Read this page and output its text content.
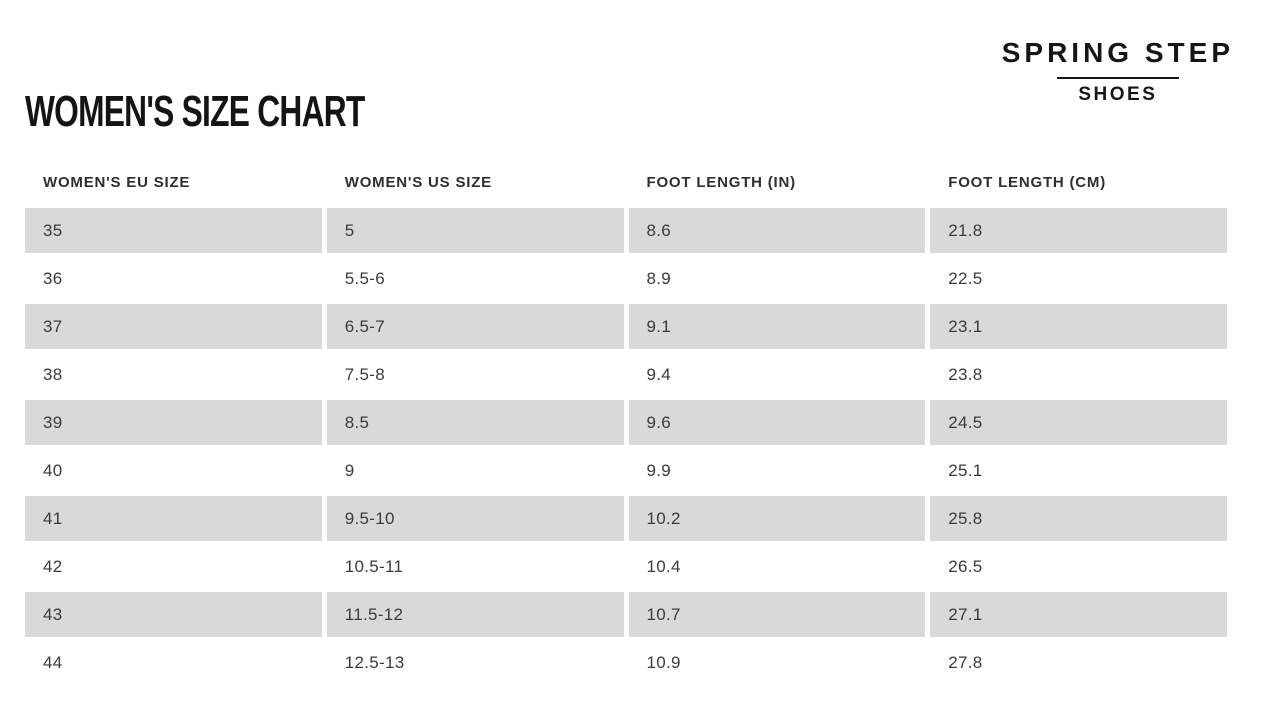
WOMEN'S SIZE CHART
SPRING STEP
SHOES
WOMEN'S EU SIZE	WOMEN'S US SIZE	FOOT LENGTH (IN)	FOOT LENGTH (CM)
35	5	8.6	21.8
36	5.5-6	8.9	22.5
37	6.5-7	9.1	23.1
38	7.5-8	9.4	23.8
39	8.5	9.6	24.5
40	9	9.9	25.1
41	9.5-10	10.2	25.8
42	10.5-11	10.4	26.5
43	11.5-12	10.7	27.1
44	12.5-13	10.9	27.8
